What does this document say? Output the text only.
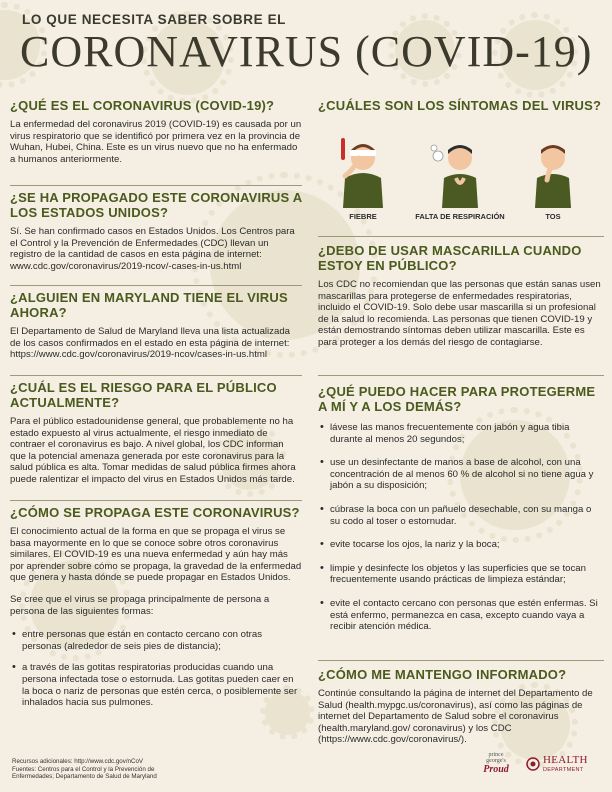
LO QUE NECESITA SABER SOBRE EL
CORONAVIRUS (COVID-19)
¿QUÉ ES EL CORONAVIRUS (COVID-19)?

La enfermedad del coronavirus 2019 (COVID-19) es causada por un virus respiratorio que se identificó por primera vez en la provincia de Wuhan, Hubei, China. Este es un virus nuevo que no ha enfermado a humanos anteriormente.

¿SE HA PROPAGADO ESTE CORONAVIRUS A LOS ESTADOS UNIDOS?

Sí. Se han confirmado casos en Estados Unidos. Los Centros para el Control y la Prevención de Enfermedades (CDC) llevan un registro de la cantidad de casos en esta página de internet: www.cdc.gov/coronavirus/2019-ncov/-cases-in-us.html

¿ALGUIEN EN MARYLAND TIENE EL VIRUS AHORA?

El Departamento de Salud de Maryland lleva una lista actualizada de los casos confirmados en el estado en esta página de internet: https://www.cdc.gov/coronavirus/2019-ncov/cases-in-us.html

¿CUÁL ES EL RIESGO PARA EL PÚBLICO ACTUALMENTE?

Para el público estadounidense general, que probablemente no ha estado expuesto al virus actualmente, el riesgo inmediato de contraer el coronavirus es bajo. A nivel global, los CDC informan que la potencial amenaza generada por este coronavirus para la salud pública es alta. Tomar medidas de salud pública firmes ahora puede ralentizar el impacto del virus en Estados Unidos más tarde.

¿CÓMO SE PROPAGA ESTE CORONAVIRUS?

El conocimiento actual de la forma en que se propaga el virus se basa mayormente en lo que se conoce sobre otros coronavirus similares. El COVID-19 es una nueva enfermedad y aún hay más por aprender sobre cómo se propaga, la gravedad de la enfermedad que genera y hasta dónde se puede propagar en Estados Unidos.

Se cree que el virus se propaga principalmente de persona a persona de las siguientes formas:

• entre personas que están en contacto cercano con otras personas (alrededor de seis pies de distancia);
• a través de las gotitas respiratorias producidas cuando una persona infectada tose o estornuda. Las gotitas pueden caer en la boca o nariz de personas que estén cerca, o posiblemente ser inhalados hacia sus pulmones.
Recursos adicionales: http://www.cdc.gov/nCoV
Fuentes: Centros para el Control y la Prevención de
Enfermedades; Departamento de Salud de Maryland
¿CUÁLES SON LOS SÍNTOMAS DEL VIRUS?
FIEBRE	FALTA DE RESPIRACIÓN	TOS
¿DEBO DE USAR MASCARILLA CUANDO ESTOY EN PÚBLICO?

Los CDC no recomiendan que las personas que están sanas usen mascarillas para protegerse de enfermedades respiratorias, incluido el COVID-19. Solo debe usar mascarilla si un profesional de la salud lo recomienda. Las personas que tienen COVID-19 y están demostrando síntomas deben utilizar mascarilla. Este es para proteger a los demás del riesgo de contagiarse.

¿QUÉ PUEDO HACER PARA PROTEGERME A MÍ Y A LOS DEMÁS?
• lávese las manos frecuentemente con jabón y agua tibia durante al menos 20 segundos;
• use un desinfectante de manos a base de alcohol, con una concentración de al menos 60 % de alcohol si no tiene agua y jabón a su disposición;
• cúbrase la boca con un pañuelo desechable, con su manga o su codo al toser o estornudar.
• evite tocarse los ojos, la nariz y la boca;
• limpie y desinfecte los objetos y las superficies que se tocan frecuentemente usando prácticas de limpieza estándar;
• evite el contacto cercano con personas que estén enfermas. Si está enfermo, permanezca en casa, excepto cuando vaya a recibir atención médica.
¿CÓMO ME MANTENGO INFORMADO?

Continúe consultando la página de internet del Departamento de Salud (health.mypgc.us/coronavirus), así como las páginas de internet del Departamento de Salud sobre el coronavirus (health.maryland.gov/ coronavirus) y los CDC (https://www.cdc.gov/coronavirus/).

prince
george's
Proud
HEALTH
DEPARTMENT
